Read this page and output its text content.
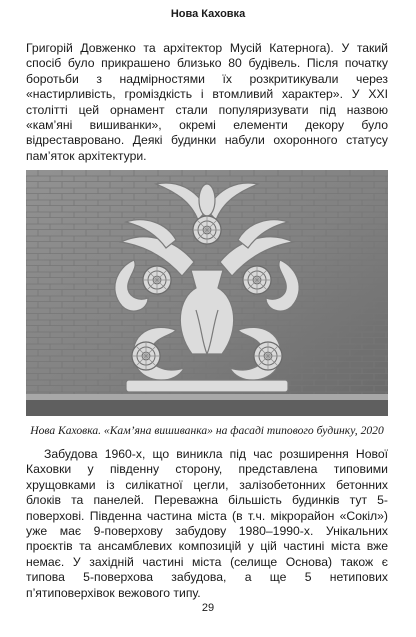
Нова Каховка

Григорій Довженко та архітектор Мусій Катернога). У такий спосіб було прикрашено близько 80 будівель. Після початку боротьби з надмірностями їх розкритикували через «настирливість, громіздкість і втомливий характер». У XXI столітті цей орнамент стали популяризувати під назвою «кам’яні вишиванки», окремі елементи декору було відреставровано. Деякі будинки набули охоронного статусу пам’яток архітектури.

Нова Каховка. «Кам’яна вишиванка» на фасаді типового будинку, 2020

Забудова 1960-х, що виникла під час розширення Нової Каховки у південну сторону, представлена типовими хрущовками із силікатної цегли, залізобетонних бетонних блоків та панелей. Переважна більшість будинків тут 5-поверхові. Південна частина міста (в т.ч. мікрорайон «Сокіл») уже має 9-поверхову забудову 1980–1990-х. Унікальних проєктів та ансамблевих композицій у цій частині міста вже немає. У західній частині міста (селище Основа) також є типова 5-поверхова забудова, а ще 5 нетипових п’ятиповерхівок вежового типу.

29
